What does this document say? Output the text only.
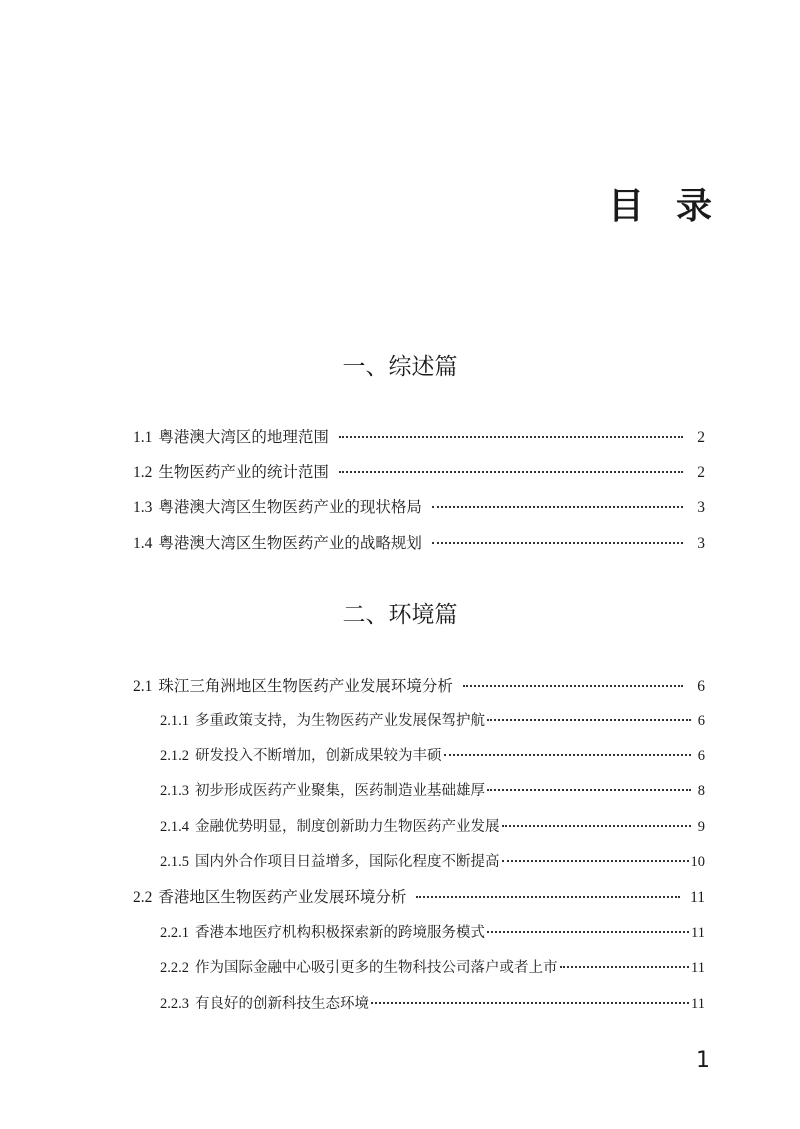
目 录
一、综述篇
1.1 粤港澳大湾区的地理范围	2
1.2 生物医药产业的统计范围	2
1.3 粤港澳大湾区生物医药产业的现状格局	3
1.4 粤港澳大湾区生物医药产业的战略规划	3
二、环境篇
2.1 珠江三角洲地区生物医药产业发展环境分析	6
2.1.1 多重政策支持，为生物医药产业发展保驾护航	6
2.1.2 研发投入不断增加，创新成果较为丰硕	6
2.1.3 初步形成医药产业聚集，医药制造业基础雄厚	8
2.1.4 金融优势明显，制度创新助力生物医药产业发展	9
2.1.5 国内外合作项目日益增多，国际化程度不断提高	10
2.2 香港地区生物医药产业发展环境分析	11
2.2.1 香港本地医疗机构积极探索新的跨境服务模式	11
2.2.2 作为国际金融中心吸引更多的生物科技公司落户或者上市	11
2.2.3 有良好的创新科技生态环境	11
1
